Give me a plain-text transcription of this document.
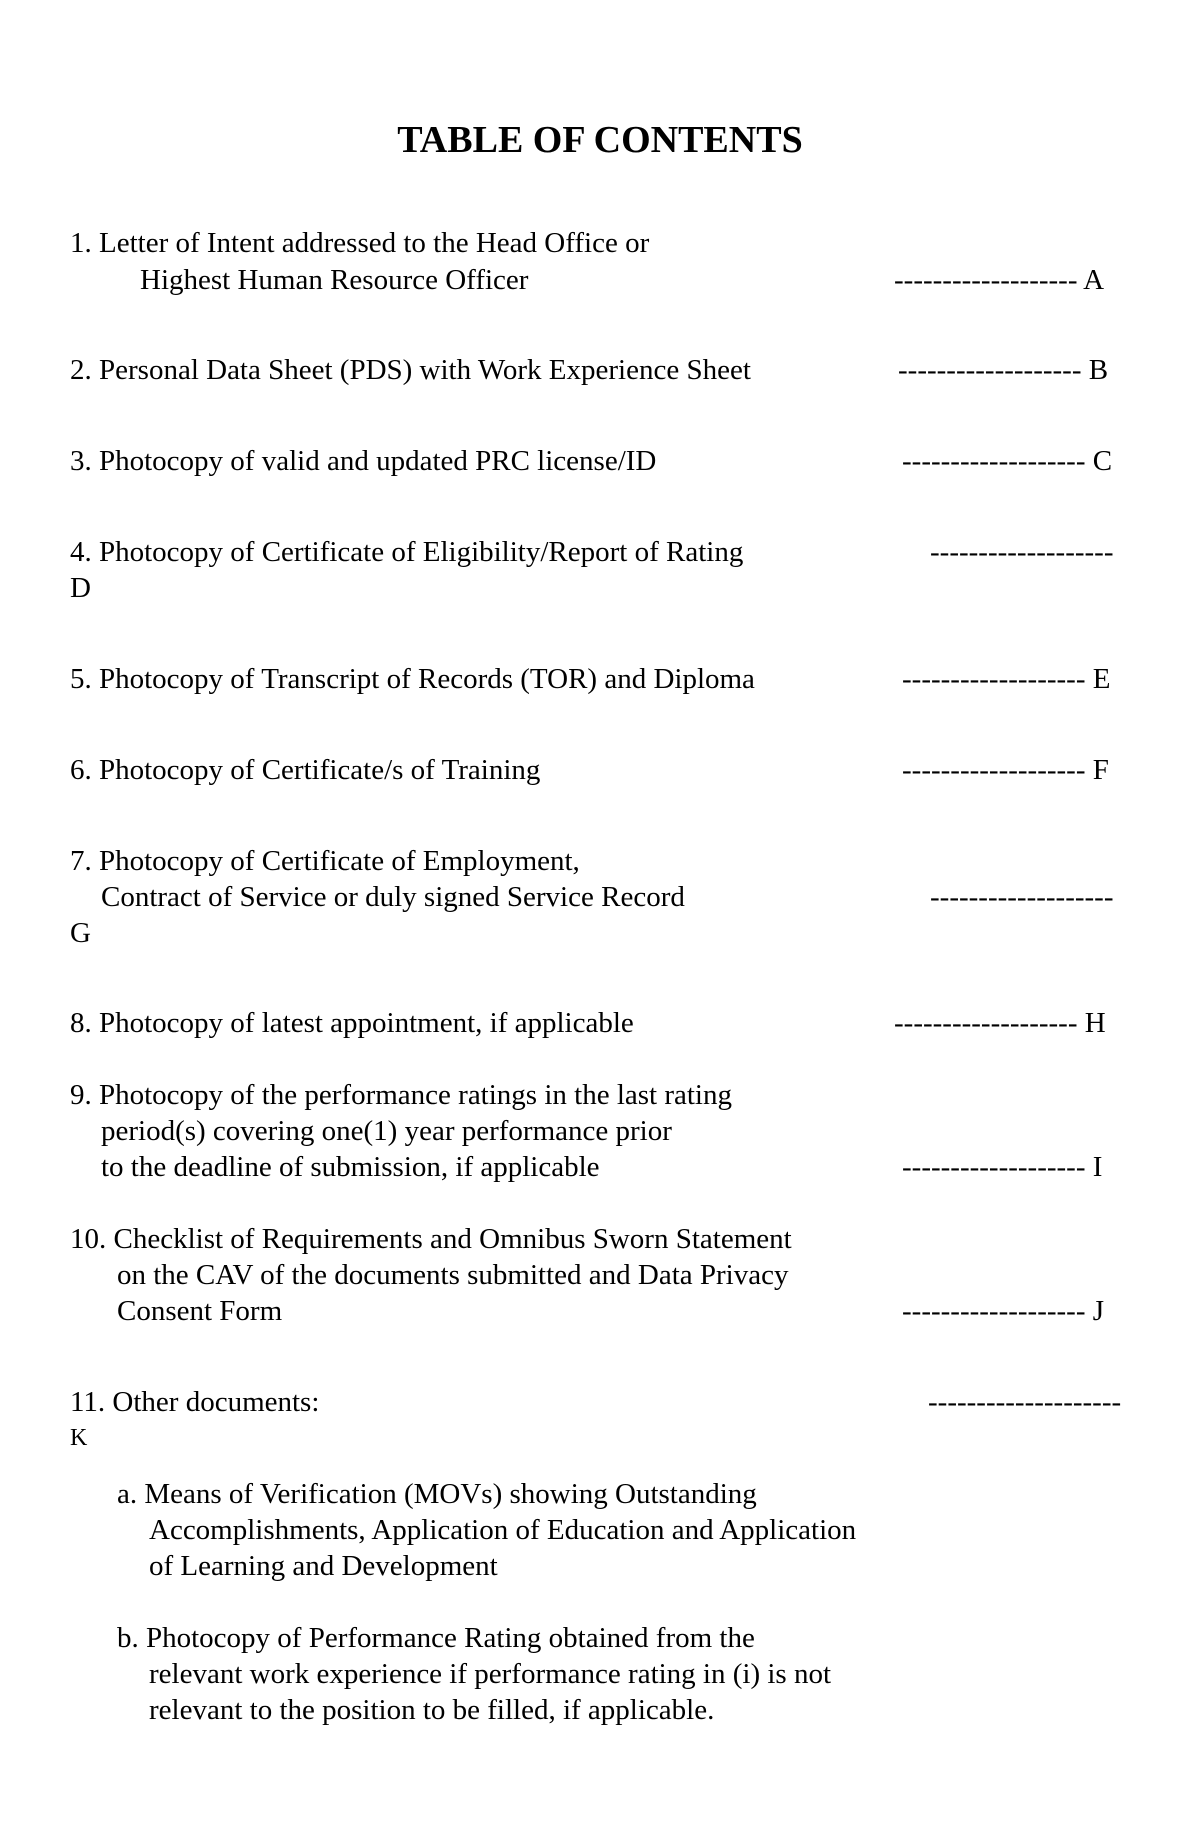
TABLE OF CONTENTS
1. Letter of Intent addressed to the Head Office or
Highest Human Resource Officer	------------------- A
2. Personal Data Sheet (PDS) with Work Experience Sheet	------------------- B
3. Photocopy of valid and updated PRC license/ID	------------------- C
4. Photocopy of Certificate of Eligibility/Report of Rating	-------------------
D
5. Photocopy of Transcript of Records (TOR) and Diploma	------------------- E
6. Photocopy of Certificate/s of Training	------------------- F
7. Photocopy of Certificate of Employment,
Contract of Service or duly signed Service Record	-------------------
G
8. Photocopy of latest appointment, if applicable	------------------- H
9. Photocopy of the performance ratings in the last rating
period(s) covering one(1) year performance prior
to the deadline of submission, if applicable	------------------- I
10. Checklist of Requirements and Omnibus Sworn Statement
on the CAV of the documents submitted and Data Privacy
Consent Form	------------------- J
11. Other documents:	--------------------
K
a. Means of Verification (MOVs) showing Outstanding
Accomplishments, Application of Education and Application
of Learning and Development
b. Photocopy of Performance Rating obtained from the
relevant work experience if performance rating in (i) is not
relevant to the position to be filled, if applicable.
